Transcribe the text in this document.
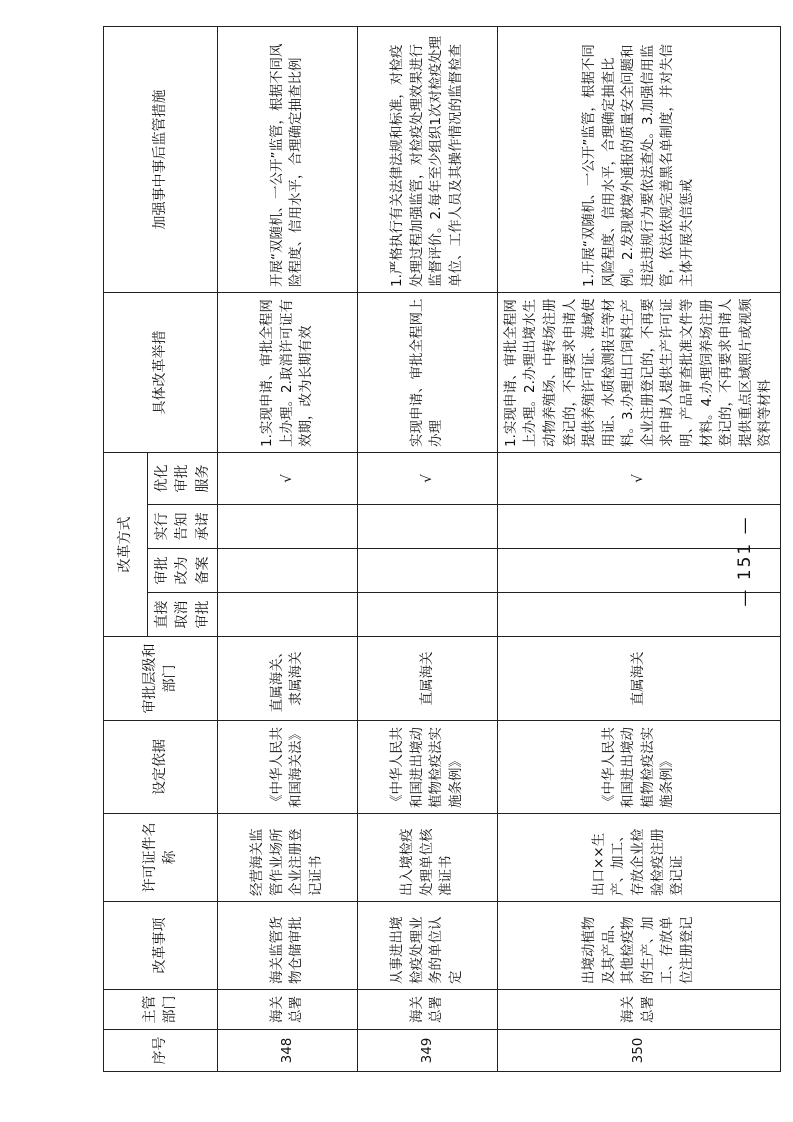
序号	主管部门	改革事项	许可证件名称	设定依据	审批层级和部门	改革方式				具体改革举措	加强事中事后监管措施
						直接取消审批	审批改为备案	实行告知承诺	优化审批服务		
348	海关总署	海关监管货物仓储审批	经营海关监管作业场所企业注册登记证书	《中华人民共和国海关法》	直属海关、隶属海关				√	1.实现申请、审批全程网上办理。2.取消许可证有效期，改为长期有效	开展“双随机、一公开”监管，根据不同风险程度、信用水平，合理确定抽查比例
349	海关总署	从事进出境检疫处理业务的单位认定	出入境检疫处理单位核准证书	《中华人民共和国进出境动植物检疫法实施条例》	直属海关				√	实现申请、审批全程网上办理	1.严格执行有关法律法规和标准，对检疫处理过程加强监管，对检疫处理效果进行监督评价。2.每年至少组织1次对检疫处理单位、工作人员及其操作情况的监督检查
350	海关总署	出境动植物及其产品、其他检疫物的生产、加工、存放单位注册登记	出口××生产、加工、存放企业检验检疫注册登记证	《中华人民共和国进出境动植物检疫法实施条例》	直属海关				√	1.实现申请、审批全程网上办理。2.办理出境水生动物养殖场、中转场注册登记的，不再要求申请人提供养殖许可证、海域使用证、水质检测报告等材料。3.办理出口饲料生产企业注册登记的，不再要求申请人提供生产许可证明、产品审查批准文件等材料。4.办理饲养场注册登记的，不再要求申请人提供重点区域照片或视频资料等材料	1.开展“双随机、一公开”监管，根据不同风险程度、信用水平，合理确定抽查比例。2.发现被境外通报的质量安全问题和违法违规行为要依法查处。3.加强信用监管，依法依规完善黑名单制度，并对失信主体开展失信惩戒
— 151 —
